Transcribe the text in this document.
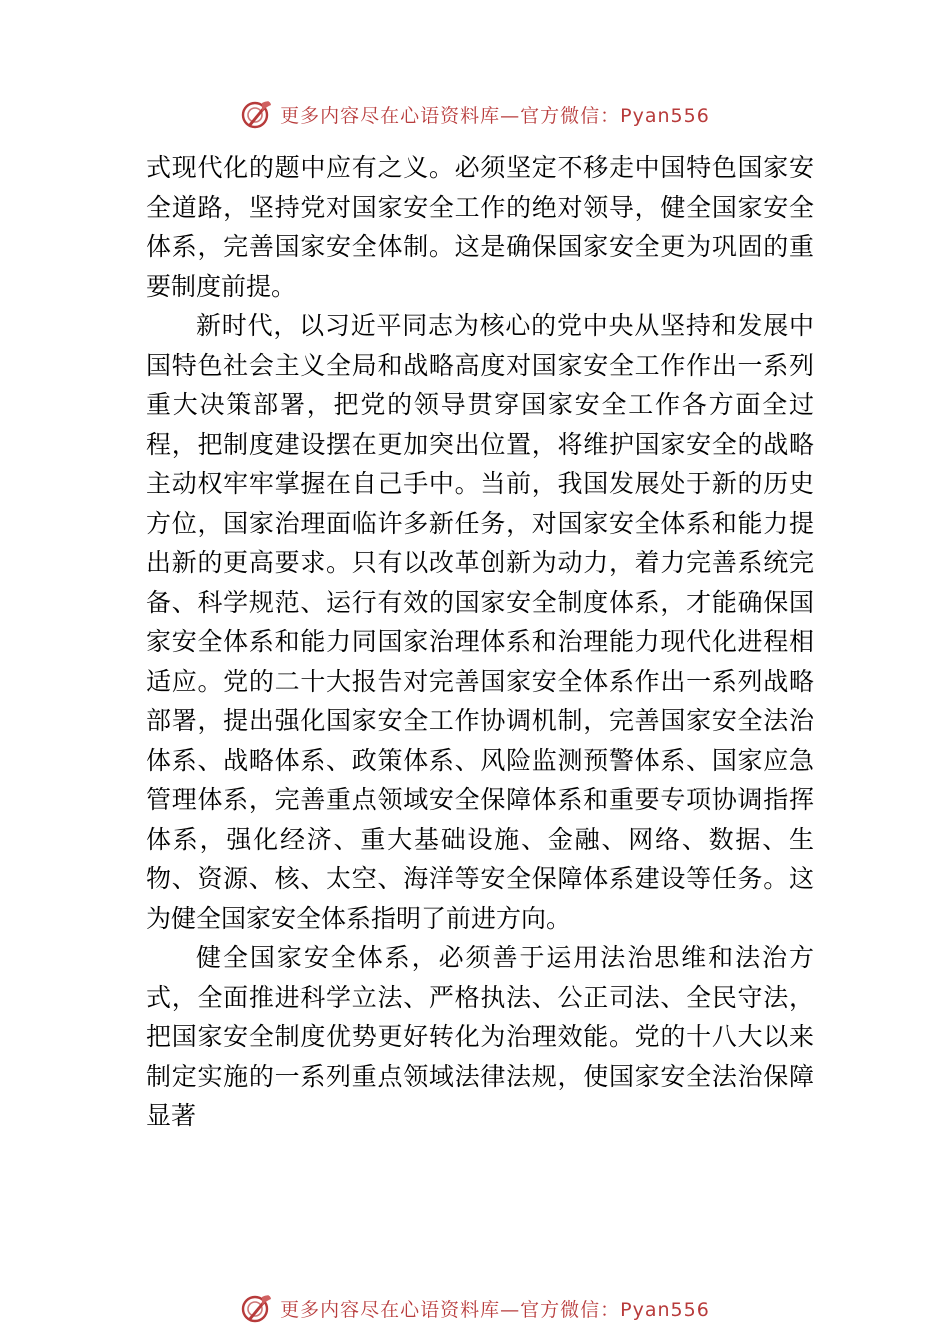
更多内容尽在心语资料库—官方微信：Pyan556

式现代化的题中应有之义。必须坚定不移走中国特色国家安全道路，坚持党对国家安全工作的绝对领导，健全国家安全体系，完善国家安全体制。这是确保国家安全更为巩固的重要制度前提。

新时代，以习近平同志为核心的党中央从坚持和发展中国特色社会主义全局和战略高度对国家安全工作作出一系列重大决策部署，把党的领导贯穿国家安全工作各方面全过程，把制度建设摆在更加突出位置，将维护国家安全的战略主动权牢牢掌握在自己手中。当前，我国发展处于新的历史方位，国家治理面临许多新任务，对国家安全体系和能力提出新的更高要求。只有以改革创新为动力，着力完善系统完备、科学规范、运行有效的国家安全制度体系，才能确保国家安全体系和能力同国家治理体系和治理能力现代化进程相适应。党的二十大报告对完善国家安全体系作出一系列战略部署，提出强化国家安全工作协调机制，完善国家安全法治体系、战略体系、政策体系、风险监测预警体系、国家应急管理体系，完善重点领域安全保障体系和重要专项协调指挥体系，强化经济、重大基础设施、金融、网络、数据、生物、资源、核、太空、海洋等安全保障体系建设等任务。这为健全国家安全体系指明了前进方向。

健全国家安全体系，必须善于运用法治思维和法治方式，全面推进科学立法、严格执法、公正司法、全民守法，把国家安全制度优势更好转化为治理效能。党的十八大以来制定实施的一系列重点领域法律法规，使国家安全法治保障显著

更多内容尽在心语资料库—官方微信：Pyan556
